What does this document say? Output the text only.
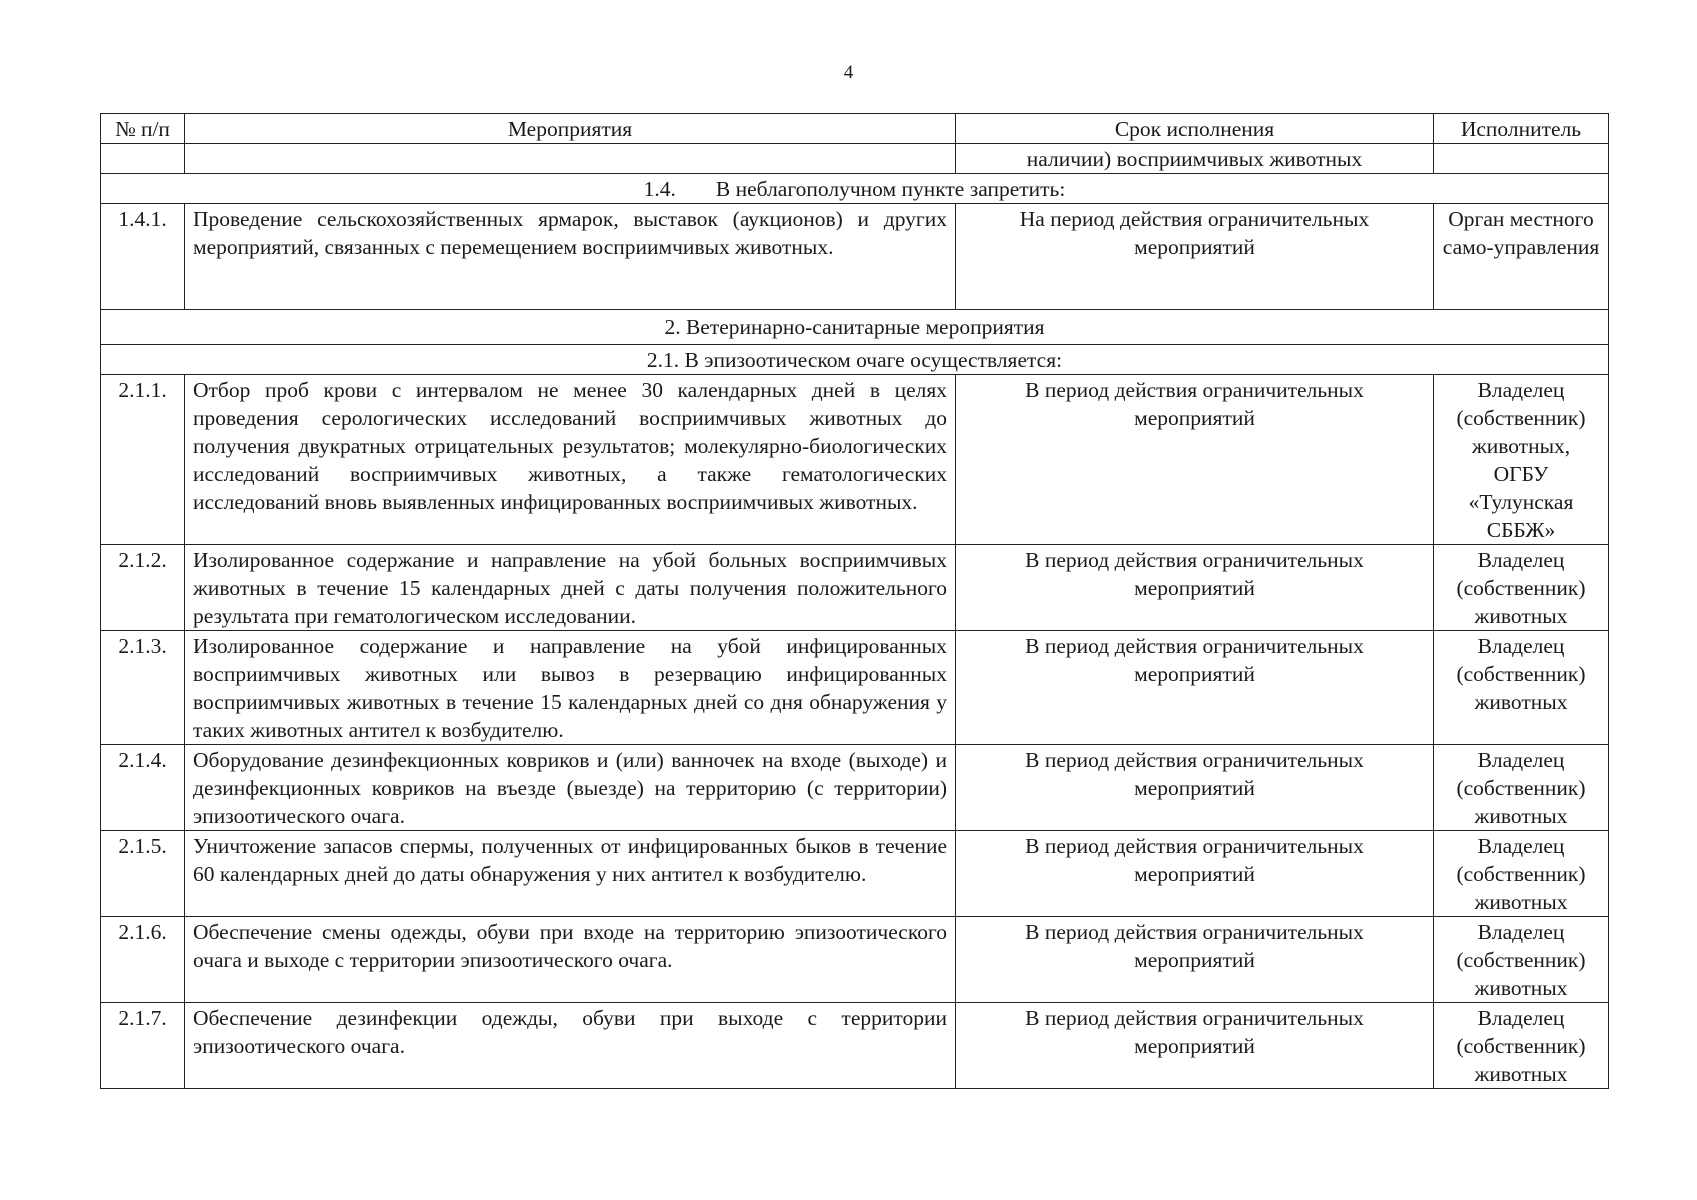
4
№ п/п	Мероприятия	Срок исполнения	Исполнитель
		наличии) восприимчивых животных	
1.4. В неблагополучном пункте запретить:			
1.4.1.	Проведение сельскохозяйственных ярмарок, выставок (аукционов) и других мероприятий, связанных с перемещением восприимчивых животных.	На период действия ограничительных мероприятий	Орган местного само-управления
2. Ветеринарно-санитарные мероприятия			
2.1. В эпизоотическом очаге осуществляется:			
2.1.1.	Отбор проб крови с интервалом не менее 30 календарных дней в целях проведения серологических исследований восприимчивых животных до получения двукратных отрицательных результатов; молекулярно-биологических исследований восприимчивых животных, а также гематологических исследований вновь выявленных инфицированных восприимчивых животных.	В период действия ограничительных мероприятий	Владелец (собственник) животных, ОГБУ «Тулунская СББЖ»
2.1.2.	Изолированное содержание и направление на убой больных восприимчивых животных в течение 15 календарных дней с даты получения положительного результата при гематологическом исследовании.	В период действия ограничительных мероприятий	Владелец (собственник) животных
2.1.3.	Изолированное содержание и направление на убой инфицированных восприимчивых животных или вывоз в резервацию инфицированных восприимчивых животных в течение 15 календарных дней со дня обнаружения у таких животных антител к возбудителю.	В период действия ограничительных мероприятий	Владелец (собственник) животных
2.1.4.	Оборудование дезинфекционных ковриков и (или) ванночек на входе (выходе) и дезинфекционных ковриков на въезде (выезде) на территорию (с территории) эпизоотического очага.	В период действия ограничительных мероприятий	Владелец (собственник) животных
2.1.5.	Уничтожение запасов спермы, полученных от инфицированных быков в течение 60 календарных дней до даты обнаружения у них антител к возбудителю.	В период действия ограничительных мероприятий	Владелец (собственник) животных
2.1.6.	Обеспечение смены одежды, обуви при входе на территорию эпизоотического очага и выходе с территории эпизоотического очага.	В период действия ограничительных мероприятий	Владелец (собственник) животных
2.1.7.	Обеспечение дезинфекции одежды, обуви при выходе с территории эпизоотического очага.	В период действия ограничительных мероприятий	Владелец (собственник) животных
